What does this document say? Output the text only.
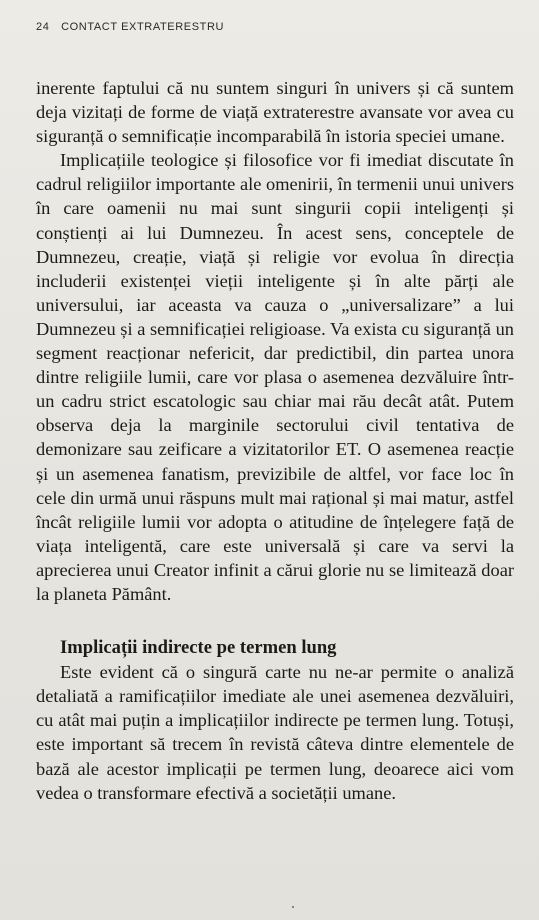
24 CONTACT EXTRATERESTRU

inerente faptului că nu suntem singuri în univers și că suntem deja vizitați de forme de viață extraterestre avansate vor avea cu siguranță o semnificație incomparabilă în istoria speciei umane.

Implicațiile teologice și filosofice vor fi imediat discutate în cadrul religiilor importante ale omenirii, în termenii unui univers în care oamenii nu mai sunt singurii copii inteligenți și conștienți ai lui Dumnezeu. În acest sens, conceptele de Dumnezeu, creație, viață și religie vor evolua în direcția includerii existenței vieții inteligente și în alte părți ale universului, iar aceasta va cauza o „universalizare” a lui Dumnezeu și a semnificației religioase. Va exista cu siguranță un segment reacționar nefericit, dar predictibil, din partea unora dintre religiile lumii, care vor plasa o asemenea dezvăluire într-un cadru strict escatologic sau chiar mai rău decât atât. Putem observa deja la marginile sectorului civil tentativa de demonizare sau zeificare a vizitatorilor ET. O asemenea reacție și un asemenea fanatism, previzibile de altfel, vor face loc în cele din urmă unui răspuns mult mai rațional și mai matur, astfel încât religiile lumii vor adopta o atitudine de înțelegere față de viața inteligentă, care este universală și care va servi la aprecierea unui Creator infinit a cărui glorie nu se limitează doar la planeta Pământ.

Implicații indirecte pe termen lung

Este evident că o singură carte nu ne-ar permite o analiză detaliată a ramificațiilor imediate ale unei asemenea dezvăluiri, cu atât mai puțin a implicațiilor indirecte pe termen lung. Totuși, este important să trecem în revistă câteva dintre elementele de bază ale acestor implicații pe termen lung, deoarece aici vom vedea o transformare efectivă a societății umane.
